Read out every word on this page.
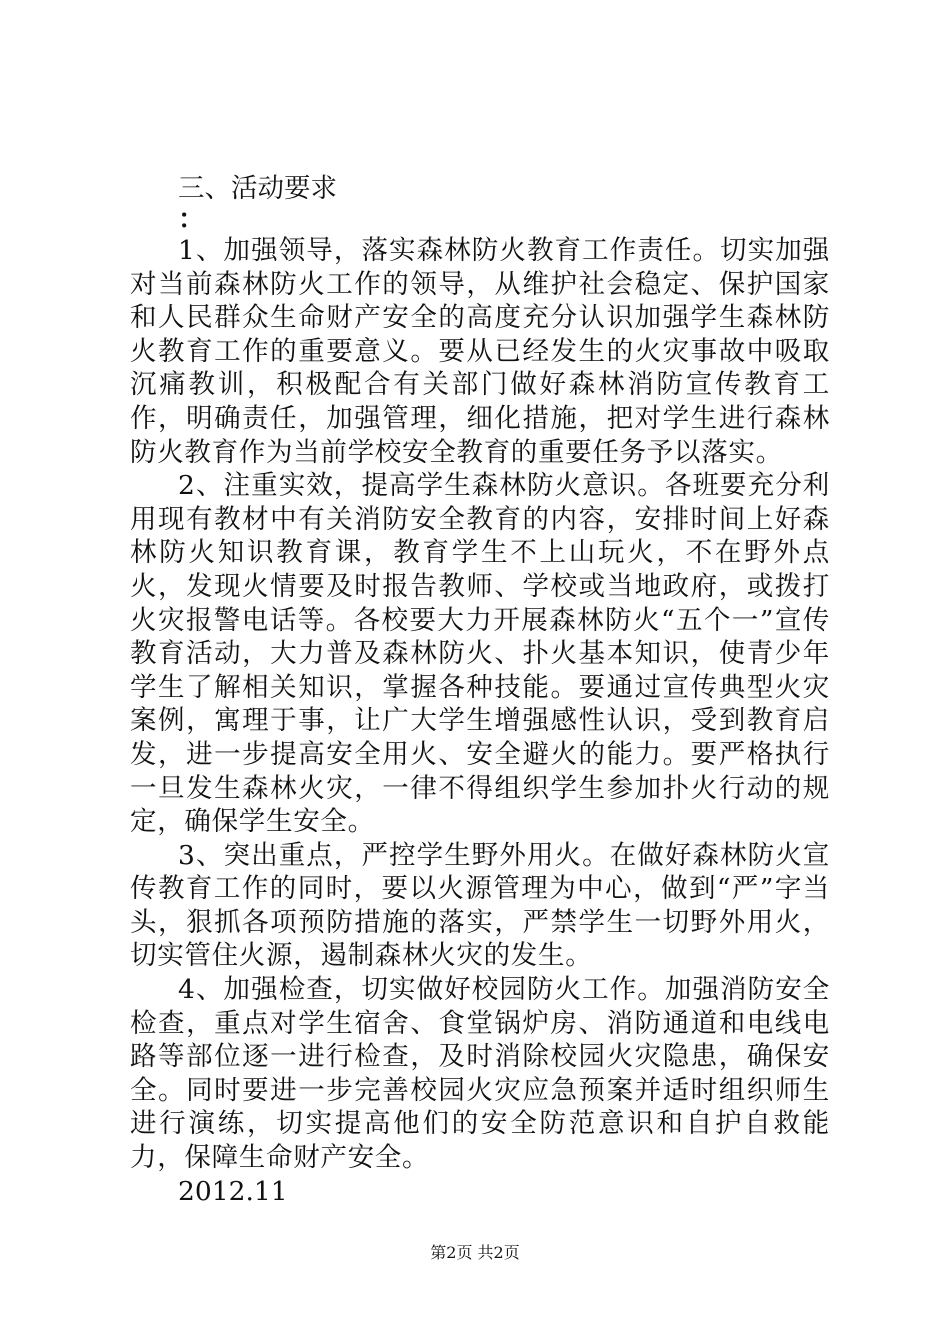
三、活动要求

：

1、加强领导，落实森林防火教育工作责任。切实加强对当前森林防火工作的领导，从维护社会稳定、保护国家和人民群众生命财产安全的高度充分认识加强学生森林防火教育工作的重要意义。要从已经发生的火灾事故中吸取沉痛教训，积极配合有关部门做好森林消防宣传教育工作，明确责任，加强管理，细化措施，把对学生进行森林防火教育作为当前学校安全教育的重要任务予以落实。

2、注重实效，提高学生森林防火意识。各班要充分利用现有教材中有关消防安全教育的内容，安排时间上好森林防火知识教育课，教育学生不上山玩火，不在野外点火，发现火情要及时报告教师、学校或当地政府，或拨打火灾报警电话等。各校要大力开展森林防火“五个一”宣传教育活动，大力普及森林防火、扑火基本知识，使青少年学生了解相关知识，掌握各种技能。要通过宣传典型火灾案例，寓理于事，让广大学生增强感性认识，受到教育启发，进一步提高安全用火、安全避火的能力。要严格执行一旦发生森林火灾，一律不得组织学生参加扑火行动的规定，确保学生安全。

3、突出重点，严控学生野外用火。在做好森林防火宣传教育工作的同时，要以火源管理为中心，做到“严”字当头，狠抓各项预防措施的落实，严禁学生一切野外用火，切实管住火源，遏制森林火灾的发生。

4、加强检查，切实做好校园防火工作。加强消防安全检查，重点对学生宿舍、食堂锅炉房、消防通道和电线电路等部位逐一进行检查，及时消除校园火灾隐患，确保安全。同时要进一步完善校园火灾应急预案并适时组织师生进行演练，切实提高他们的安全防范意识和自护自救能力，保障生命财产安全。

2012.11

第2页 共2页
